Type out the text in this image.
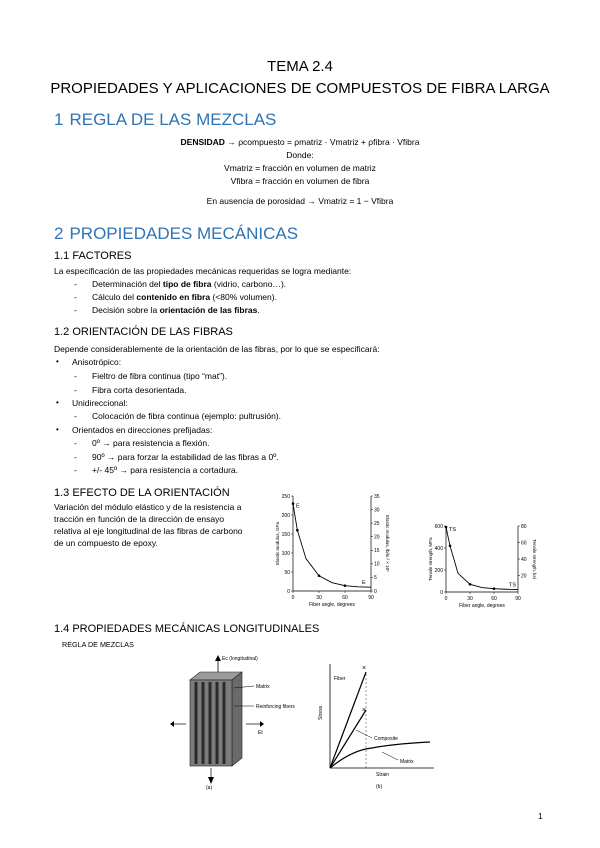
TEMA 2.4
PROPIEDADES Y APLICACIONES DE COMPUESTOS DE FIBRA LARGA
1 REGLA DE LAS MEZCLAS
DENSIDAD → ρcompuesto = ρmatriz · Vmatriz + ρfibra · Vfibra
Donde:
Vmatriz = fracción en volumen de matriz
Vfibra = fracción en volumen de fibra
En ausencia de porosidad → Vmatriz = 1 − Vfibra
2 PROPIEDADES MECÁNICAS
1.1 FACTORES
La especificación de las propiedades mecánicas requeridas se logra mediante:
- Determinación del tipo de fibra (vidrio, carbono…).
- Cálculo del contenido en fibra (<80% volumen).
- Decisión sobre la orientación de las fibras.
1.2 ORIENTACIÓN DE LAS FIBRAS
Depende considerablemente de la orientación de las fibras, por lo que se especificará:
• Anisotrópico:
- Fieltro de fibra continua (tipo “mat”).
- Fibra corta desorientada.
• Unidireccional:
- Colocación de fibra continua (ejemplo: pultrusión).
• Orientados en direcciones prefijadas:
- 0º → para resistencia a flexión.
- 90º → para forzar la estabilidad de las fibras a 0º.
- +/- 45º → para resistencia a cortadura.
1.3 EFECTO DE LA ORIENTACIÓN
Variación del módulo elástico y de la resistencia a
tracción en función de la dirección de ensayo
relativa al eje longitudinal de las fibras de carbono
de un compuesto de epoxy.
0	30	60	90
0
50
100
150
200
250
0
5
10
15
20
25
30
35
Fiber angle, degrees
Elastic modulus, GPa	Elastic modulus, lb/in.² × 10⁶
E
E
0	30	60	90
0
200
400
600
20
40
60
80
Fiber angle, degrees
Tensile strength, MPa	Tensile strength, ksi
TS
TS
1.4 PROPIEDADES MECÁNICAS LONGITUDINALES
REGLA DE MEZCLAS
Ec (longitudinal)
Matrix
Reinforcing fibers
Et
(a)
Stress
Strain
×
Fiber
×
Composite
Matrix
(b)
1
